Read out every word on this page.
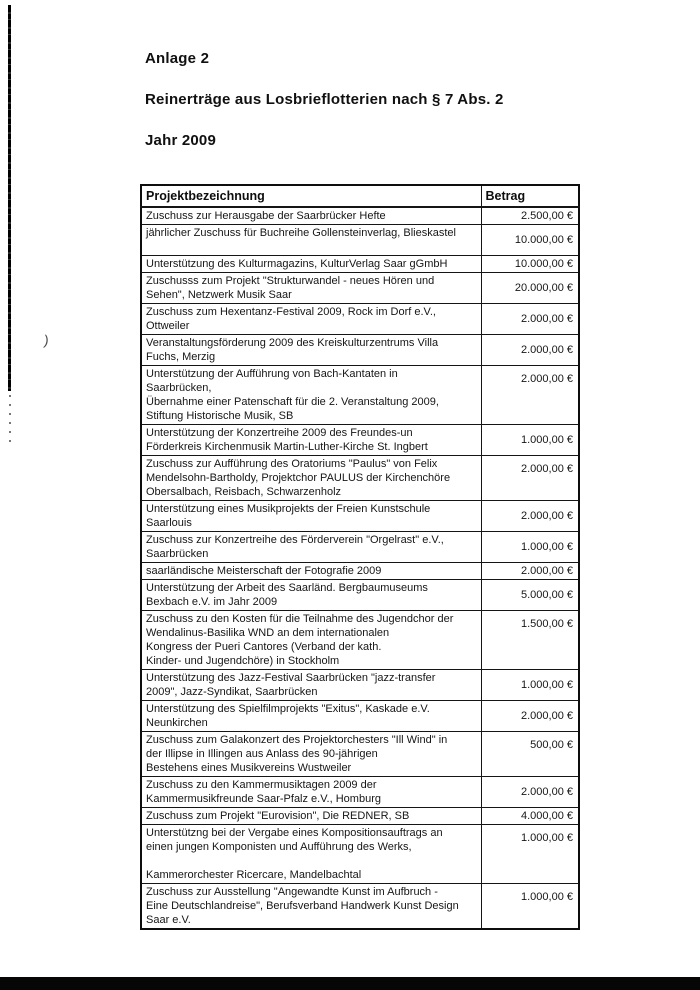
)

Anlage 2

Reinerträge aus Losbrieflotterien nach § 7 Abs. 2

Jahr 2009

Projektbezeichnung	Betrag

Zuschuss zur Herausgabe der Saarbrücker Hefte	2.500,00 €

jährlicher Zuschuss für Buchreihe Gollensteinverlag, Blieskastel	10.000,00 €

Unterstützung des Kulturmagazins, KulturVerlag Saar gGmbH	10.000,00 €

Zuschusss zum Projekt "Strukturwandel - neues Hören und
Sehen", Netzwerk Musik Saar	20.000,00 €

Zuschuss zum Hexentanz-Festival 2009, Rock im Dorf e.V.,
Ottweiler	2.000,00 €

Veranstaltungsförderung 2009 des Kreiskulturzentrums Villa
Fuchs, Merzig	2.000,00 €

Unterstützung der Aufführung von Bach-Kantaten in
Saarbrücken,
Übernahme einer Patenschaft für die 2. Veranstaltung 2009,
Stiftung Historische Musik, SB	2.000,00 €

Unterstützung der Konzertreihe 2009 des Freundes-un
Förderkreis Kirchenmusik Martin-Luther-Kirche St. Ingbert	1.000,00 €

Zuschuss zur Aufführung des Oratoriums "Paulus" von Felix
Mendelsohn-Bartholdy, Projektchor PAULUS der Kirchenchöre
Obersalbach, Reisbach, Schwarzenholz	2.000,00 €

Unterstützung eines Musikprojekts der Freien Kunstschule
Saarlouis	2.000,00 €

Zuschuss zur Konzertreihe des Förderverein "Orgelrast" e.V.,
Saarbrücken	1.000,00 €

saarländische Meisterschaft der Fotografie 2009	2.000,00 €

Unterstützung der Arbeit des Saarländ. Bergbaumuseums
Bexbach e.V. im Jahr 2009	5.000,00 €

Zuschuss zu den Kosten für die Teilnahme des Jugendchor der
Wendalinus-Basilika WND an dem internationalen
Kongress der Pueri Cantores (Verband der kath.
Kinder- und Jugendchöre) in Stockholm	1.500,00 €

Unterstützung des Jazz-Festival Saarbrücken "jazz-transfer
2009", Jazz-Syndikat, Saarbrücken	1.000,00 €

Unterstützung des Spielfilmprojekts "Exitus", Kaskade e.V.
Neunkirchen	2.000,00 €

Zuschuss zum Galakonzert des Projektorchesters "Ill Wind" in
der Illipse in Illingen aus Anlass des 90-jährigen
Bestehens eines Musikvereins Wustweiler	500,00 €

Zuschuss zu den Kammermusiktagen 2009 der
Kammermusikfreunde Saar-Pfalz e.V., Homburg	2.000,00 €

Zuschuss zum Projekt "Eurovision", Die REDNER, SB	4.000,00 €

Unterstützng bei der Vergabe eines Kompositionsauftrags an
einen jungen Komponisten und Aufführung des Werks,

Kammerorchester Ricercare, Mandelbachtal	1.000,00 €

Zuschuss zur Ausstellung "Angewandte Kunst im Aufbruch -
Eine Deutschlandreise", Berufsverband Handwerk Kunst Design
Saar e.V.	1.000,00 €
